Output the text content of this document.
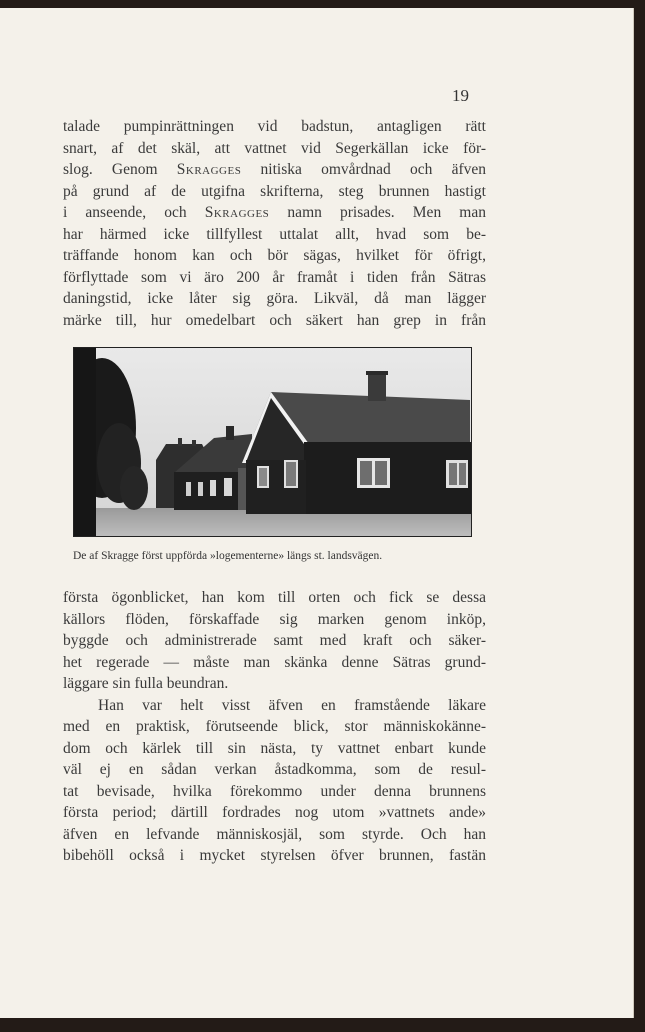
19
talade pumpinrättningen vid badstun, antagligen rätt
snart, af det skäl, att vattnet vid Segerkällan icke för-
slog. Genom Skragges nitiska omvårdnad och äfven
på grund af de utgifna skrifterna, steg brunnen hastigt
i anseende, och Skragges namn prisades. Men man
har härmed icke tillfyllest uttalat allt, hvad som be-
träffande honom kan och bör sägas, hvilket för öfrigt,
förflyttade som vi äro 200 år framåt i tiden från Sätras
daningstid, icke låter sig göra. Likväl, då man lägger
märke till, hur omedelbart och säkert han grep in från
De af Skragge först uppförda »logementerne» längs st. landsvägen.
första ögonblicket, han kom till orten och fick se dessa
källors flöden, förskaffade sig marken genom inköp,
byggde och administrerade samt med kraft och säker-
het regerade — måste man skänka denne Sätras grund-
läggare sin fulla beundran.
Han var helt visst äfven en framstående läkare
med en praktisk, förutseende blick, stor människokänne-
dom och kärlek till sin nästa, ty vattnet enbart kunde
väl ej en sådan verkan åstadkomma, som de resul-
tat bevisade, hvilka förekommo under denna brunnens
första period; därtill fordrades nog utom »vattnets ande»
äfven en lefvande människosjäl, som styrde. Och han
bibehöll också i mycket styrelsen öfver brunnen, fastän
